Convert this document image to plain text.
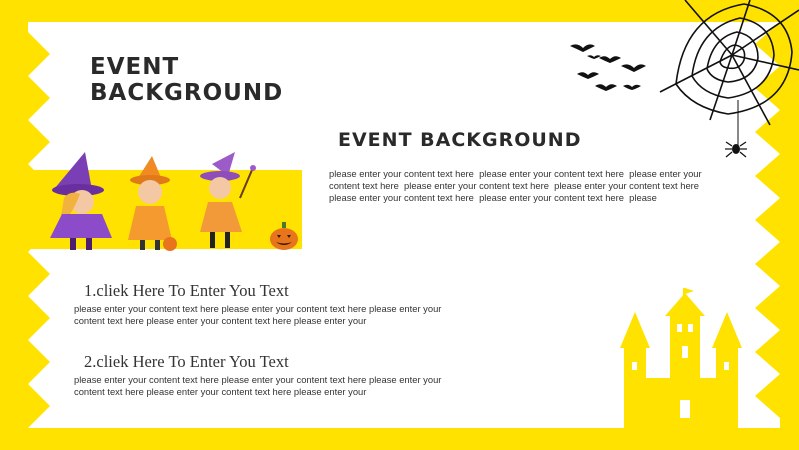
EVENT
BACKGROUND
EVENT BACKGROUND
please enter your content text here  please enter your content text here  please enter your content text here  please enter your content text here  please enter your content text here
please enter your content text here  please enter your content text here  please
1.cliek Here To Enter You Text
please enter your content text here please enter your content text here please enter your content text here please enter your content text here please enter your
2.cliek Here To Enter You Text
please enter your content text here please enter your content text here please enter your content text here please enter your content text here please enter your
